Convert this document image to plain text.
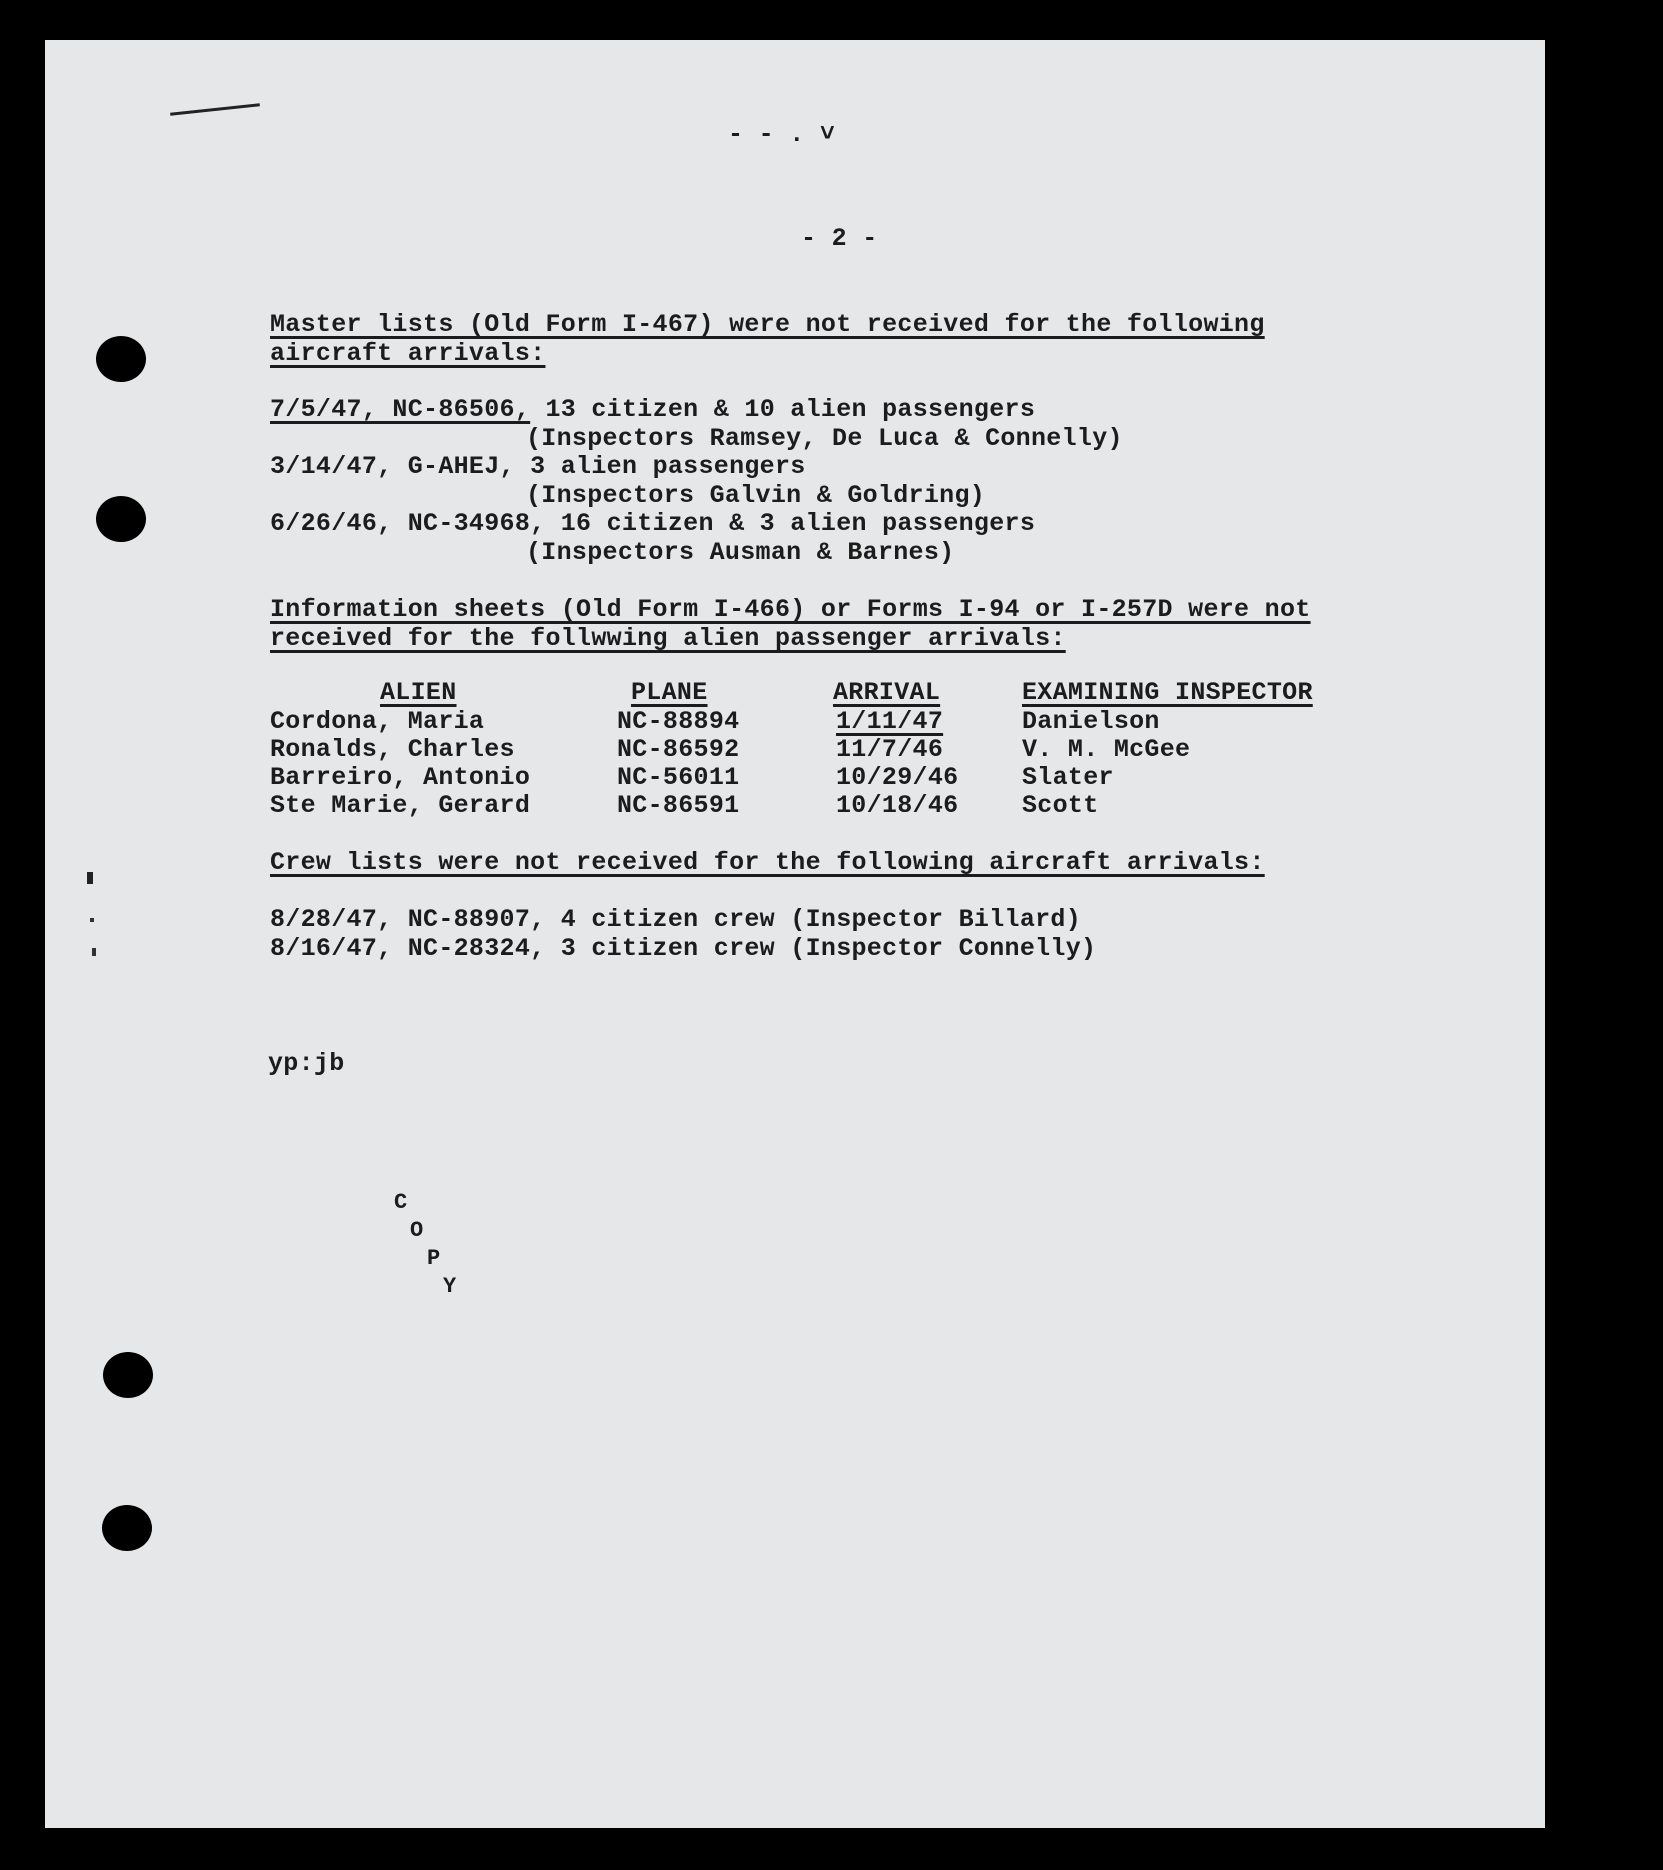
- - . ˅
- 2 -
Master lists (Old Form I-467) were not received for the following
aircraft arrivals:
7/5/47, NC-86506, 13 citizen & 10 alien passengers
(Inspectors Ramsey, De Luca & Connelly)
3/14/47, G-AHEJ, 3 alien passengers
(Inspectors Galvin & Goldring)
6/26/46, NC-34968, 16 citizen & 3 alien passengers
(Inspectors Ausman & Barnes)
Information sheets (Old Form I-466) or Forms I-94 or I-257D were not
received for the follwwing alien passenger arrivals:
ALIEN	PLANE	ARRIVAL	EXAMINING INSPECTOR
Cordona, Maria	NC-88894	1/11/47	Danielson
Ronalds, Charles	NC-86592	11/7/46	V. M. McGee
Barreiro, Antonio	NC-56011	10/29/46	Slater
Ste Marie, Gerard	NC-86591	10/18/46	Scott
Crew lists were not received for the following aircraft arrivals:
8/28/47, NC-88907, 4 citizen crew (Inspector Billard)
8/16/47, NC-28324, 3 citizen crew (Inspector Connelly)
yp:jb
C
O
P
Y
